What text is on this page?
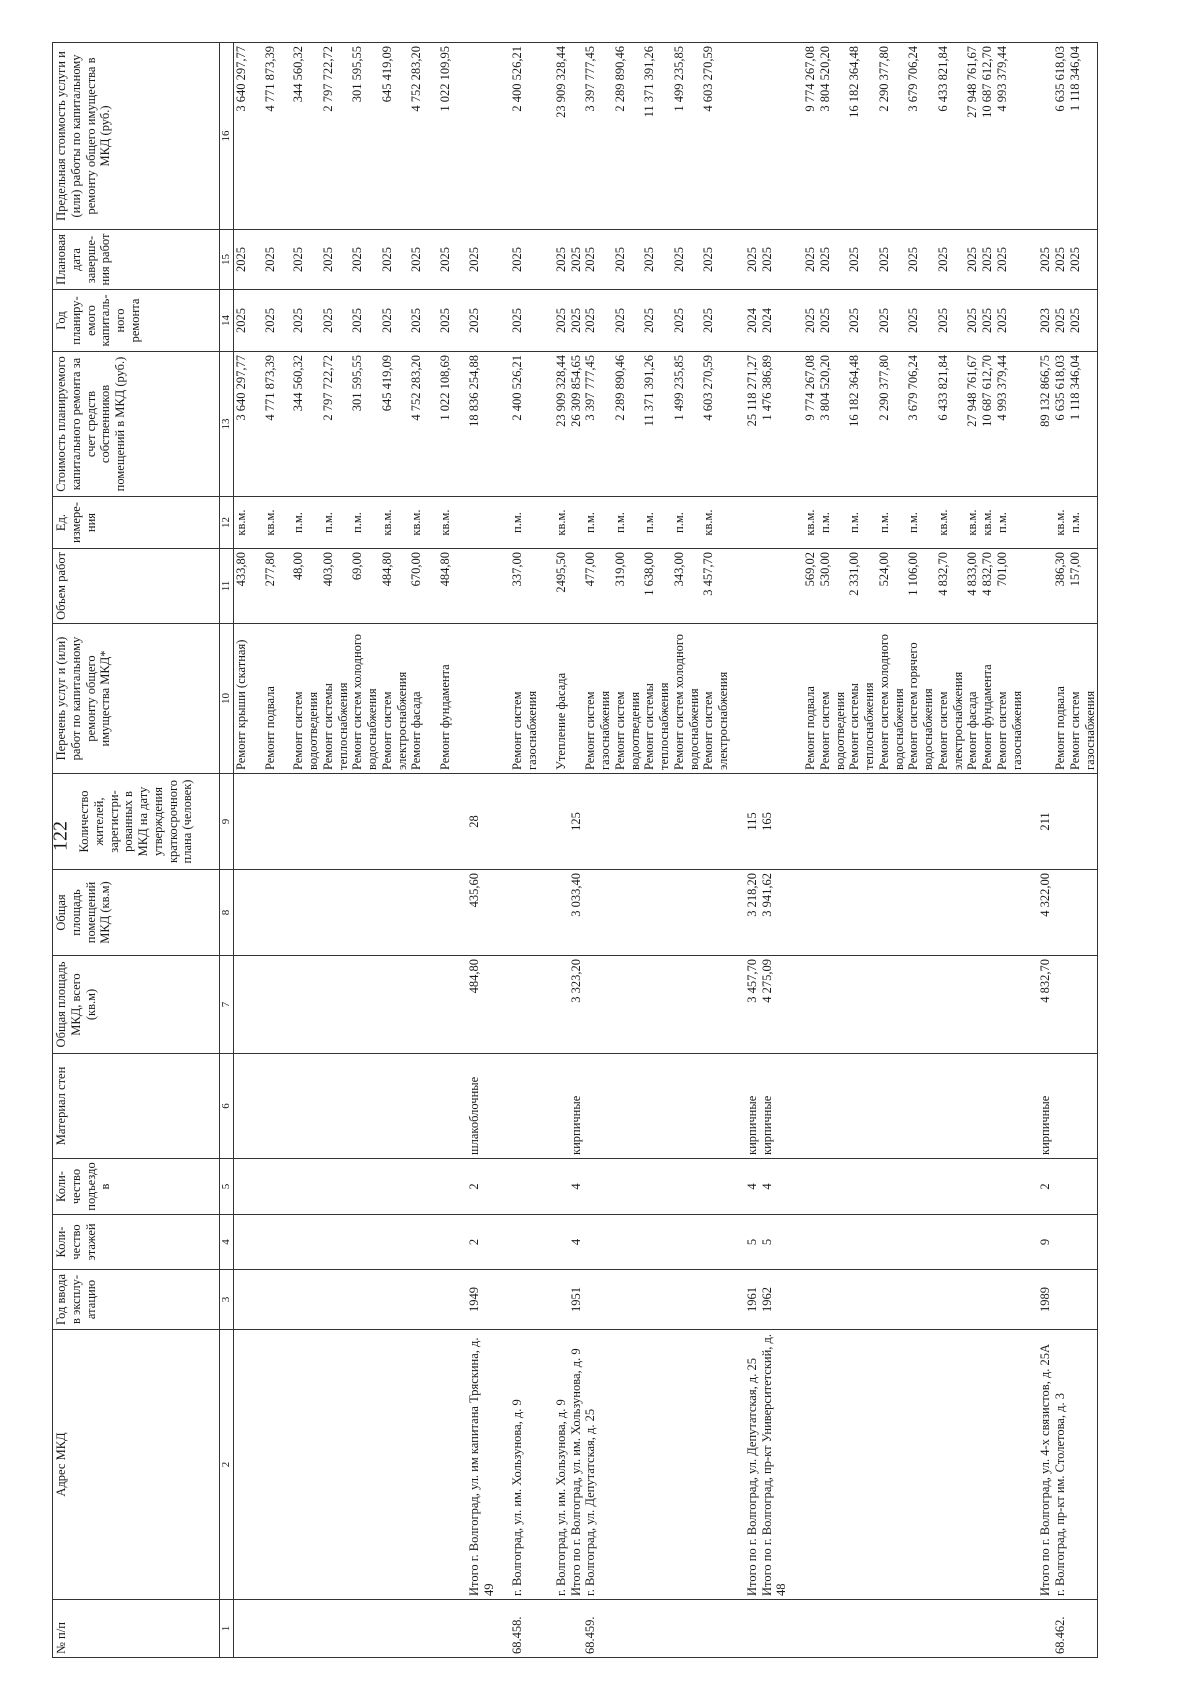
122
№ п/п	Адрес МКД	Год ввода в эксплу-атацию	Коли-чество этажей	Коли-чество подъездо в	Материал стен	Общая площадь МКД, всего (кв.м)	Общая площадь помещений МКД (кв.м)	Количество жителей, зарегистри-рованных в МКД на дату утверждения краткосрочного плана (человек)	Перечень услуг и (или) работ по капитальному ремонту общего имущества МКД*	Объем работ	Ед. измере-ния	Стоимость планируемого капитального ремонта за счет средств собственников помещений в МКД (руб.)	Год планиру-емого капиталь-ного ремонта	Плановая дата заверше-ния работ	Предельная стоимость услуги и (или) работы по капитальному ремонту общего имущества в МКД (руб.)
1	2	3	4	5	6	7	8	9	10	11	12	13	14	15	16
									Ремонт крыши (скатная)	433,80	кв.м.	3 640 297,77	2025	2025	3 640 297,77

									Ремонт подвала	277,80	кв.м.	4 771 873,39	2025	2025	4 771 873,39

									Ремонт систем водоотведения	48,00	п.м.	344 560,32	2025	2025	344 560,32
									Ремонт системы теплоснабжения	403,00	п.м.	2 797 722,72	2025	2025	2 797 722,72
									Ремонт систем холодного водоснабжения	69,00	п.м.	301 595,55	2025	2025	301 595,55
									Ремонт систем электроснабжения	484,80	кв.м.	645 419,09	2025	2025	645 419,09
									Ремонт фасада	670,00	кв.м.	4 752 283,20	2025	2025	4 752 283,20

									Ремонт фундамента	484,80	кв.м.	1 022 108,69	2025	2025	1 022 109,95

	Итого г. Волгоград, ул. им капитана Тряскина, д. 49	1949	2	2	шлакоблочные	484,80	435,60	28				18 836 254,88	2025	2025	

68.458.	г. Волгоград, ул. им. Хользунова, д. 9								Ремонт систем газоснабжения	337,00	п.м.	2 400 526,21	2025	2025	2 400 526,21

	г. Волгоград, ул. им. Хользунова, д. 9								Утепление фасада	2495,50	кв.м.	23 909 328,44	2025	2025	23 909 328,44
	Итого по г. Волгоград, ул. им. Хользунова, д. 9	1951	4	4	кирпичные	3 323,20	3 033,40	125				26 309 854,65	2025	2025	
68.459.	г. Волгоград, ул. Депутатская, д. 25								Ремонт систем газоснабжения	477,00	п.м.	3 397 777,45	2025	2025	3 397 777,45
									Ремонт систем водоотведения	319,00	п.м.	2 289 890,46	2025	2025	2 289 890,46
									Ремонт системы теплоснабжения	1 638,00	п.м.	11 371 391,26	2025	2025	11 371 391,26
									Ремонт систем холодного водоснабжения	343,00	п.м.	1 499 235,85	2025	2025	1 499 235,85
									Ремонт систем электроснабжения	3 457,70	кв.м.	4 603 270,59	2025	2025	4 603 270,59

	Итого по г. Волгоград, ул. Депутатская, д. 25	1961	5	4	кирпичные	3 457,70	3 218,20	115				25 118 271,27	2024	2025	
	Итого по г. Волгоград, пр-кт Университетский, д. 48	1962	5	4	кирпичные	4 275,09	3 941,62	165				1 476 386,89	2024	2025	

									Ремонт подвала	569,02	кв.м.	9 774 267,08	2025	2025	9 774 267,08
									Ремонт систем водоотведения	530,00	п.м.	3 804 520,20	2025	2025	3 804 520,20
									Ремонт системы теплоснабжения	2 331,00	п.м.	16 182 364,48	2025	2025	16 182 364,48
									Ремонт систем холодного водоснабжения	524,00	п.м.	2 290 377,80	2025	2025	2 290 377,80
									Ремонт систем горячего водоснабжения	1 106,00	п.м.	3 679 706,24	2025	2025	3 679 706,24
									Ремонт систем электроснабжения	4 832,70	кв.м.	6 433 821,84	2025	2025	6 433 821,84
									Ремонт фасада	4 833,00	кв.м.	27 948 761,67	2025	2025	27 948 761,67
									Ремонт фундамента	4 832,70	кв.м.	10 687 612,70	2025	2025	10 687 612,70
									Ремонт систем газоснабжения	701,00	п.м.	4 993 379,44	2025	2025	4 993 379,44

	Итого по г. Волгоград, ул. 4-х связистов, д. 25А	1989	9	2	кирпичные	4 832,70	4 322,00	211				89 132 866,75	2023	2025	
68.462.	г. Волгоград, пр-кт им. Столетова, д. 3								Ремонт подвала	386,30	кв.м.	6 635 618,03	2025	2025	6 635 618,03
									Ремонт систем газоснабжения	157,00	п.м.	1 118 346,04	2025	2025	1 118 346,04
